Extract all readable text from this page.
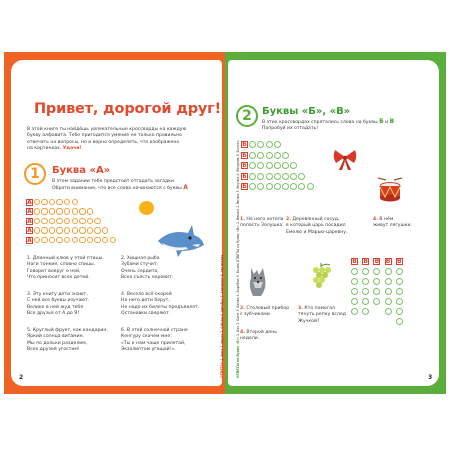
Привет, дорогой друг!
В этой книге ты найдёшь увлекательные кроссворды на каждую
букву алфавита. Тебе пригодится умение не только правильно
отвечать на вопросы, но и верно определять, что изображено
на картинках. Удачи!
1	Буква «А»
В этом задании тебе предстоит отгадать загадки.
Обрати внимание, что все слова начинаются с буквы А
А
А
А
А
А
1. Длинный клюв у этой птицы,
Ноги тонкие, словно спицы.
Говорит вокруг о ней,
Что приносит всех детей.
2. Хищная рыба
Зубами стучит.
Очень сердита,
Всех съесть норовит.
3. Эту книгу дети знают,
С ней все буквы изучают.
Велико в ней жуд тебя
Все друзья от А до Я!
4. Весело всё скорей
На него дети берут,
Не надо их билеты предъявлят,
Остановки сверяют.
5. Круглый фрукт, как кандарин,
Яркий солнца витамин.
Мы по дольки разделим,
Всех друзей угостим!
6. В этой солнечной стране
Кенгуру скачем мне:
«Ты к нам чаще прилетай,
Экзалиптом угощай!».
ОТВЕТЫ: 1. Аист 2. Акула 3. Азбука 4. Автобус 5. Апельсин 6. Австралия.
2
2	Буквы «Б», «В»
В этих кроссвордах спрятались слова на буквы Б и В
Попробуй их отгадать!
Б
Б
Б
Б
Б
В В В В В
1. На него хотела
попасть Золушка.
2. Деревянный сосуд,
в который царь посадил
Емелю и Марью-царевну.
4. В нём
живут лягушки.
2. Столовый прибор
с зубчиками.
3. Кто помогал
тянуть репку вслед
Жучкой?
4. Второй день
недели.
ОТВЕТЫ на букву «Б»: 1. Бал 2. Бант 3. Белка 4. Барабан 5. Бочка ОТВЕТЫ на букву «В»: 1. Вишня 2. Вилка 3. Внучка 4. Вторник 5. Болото.
3
